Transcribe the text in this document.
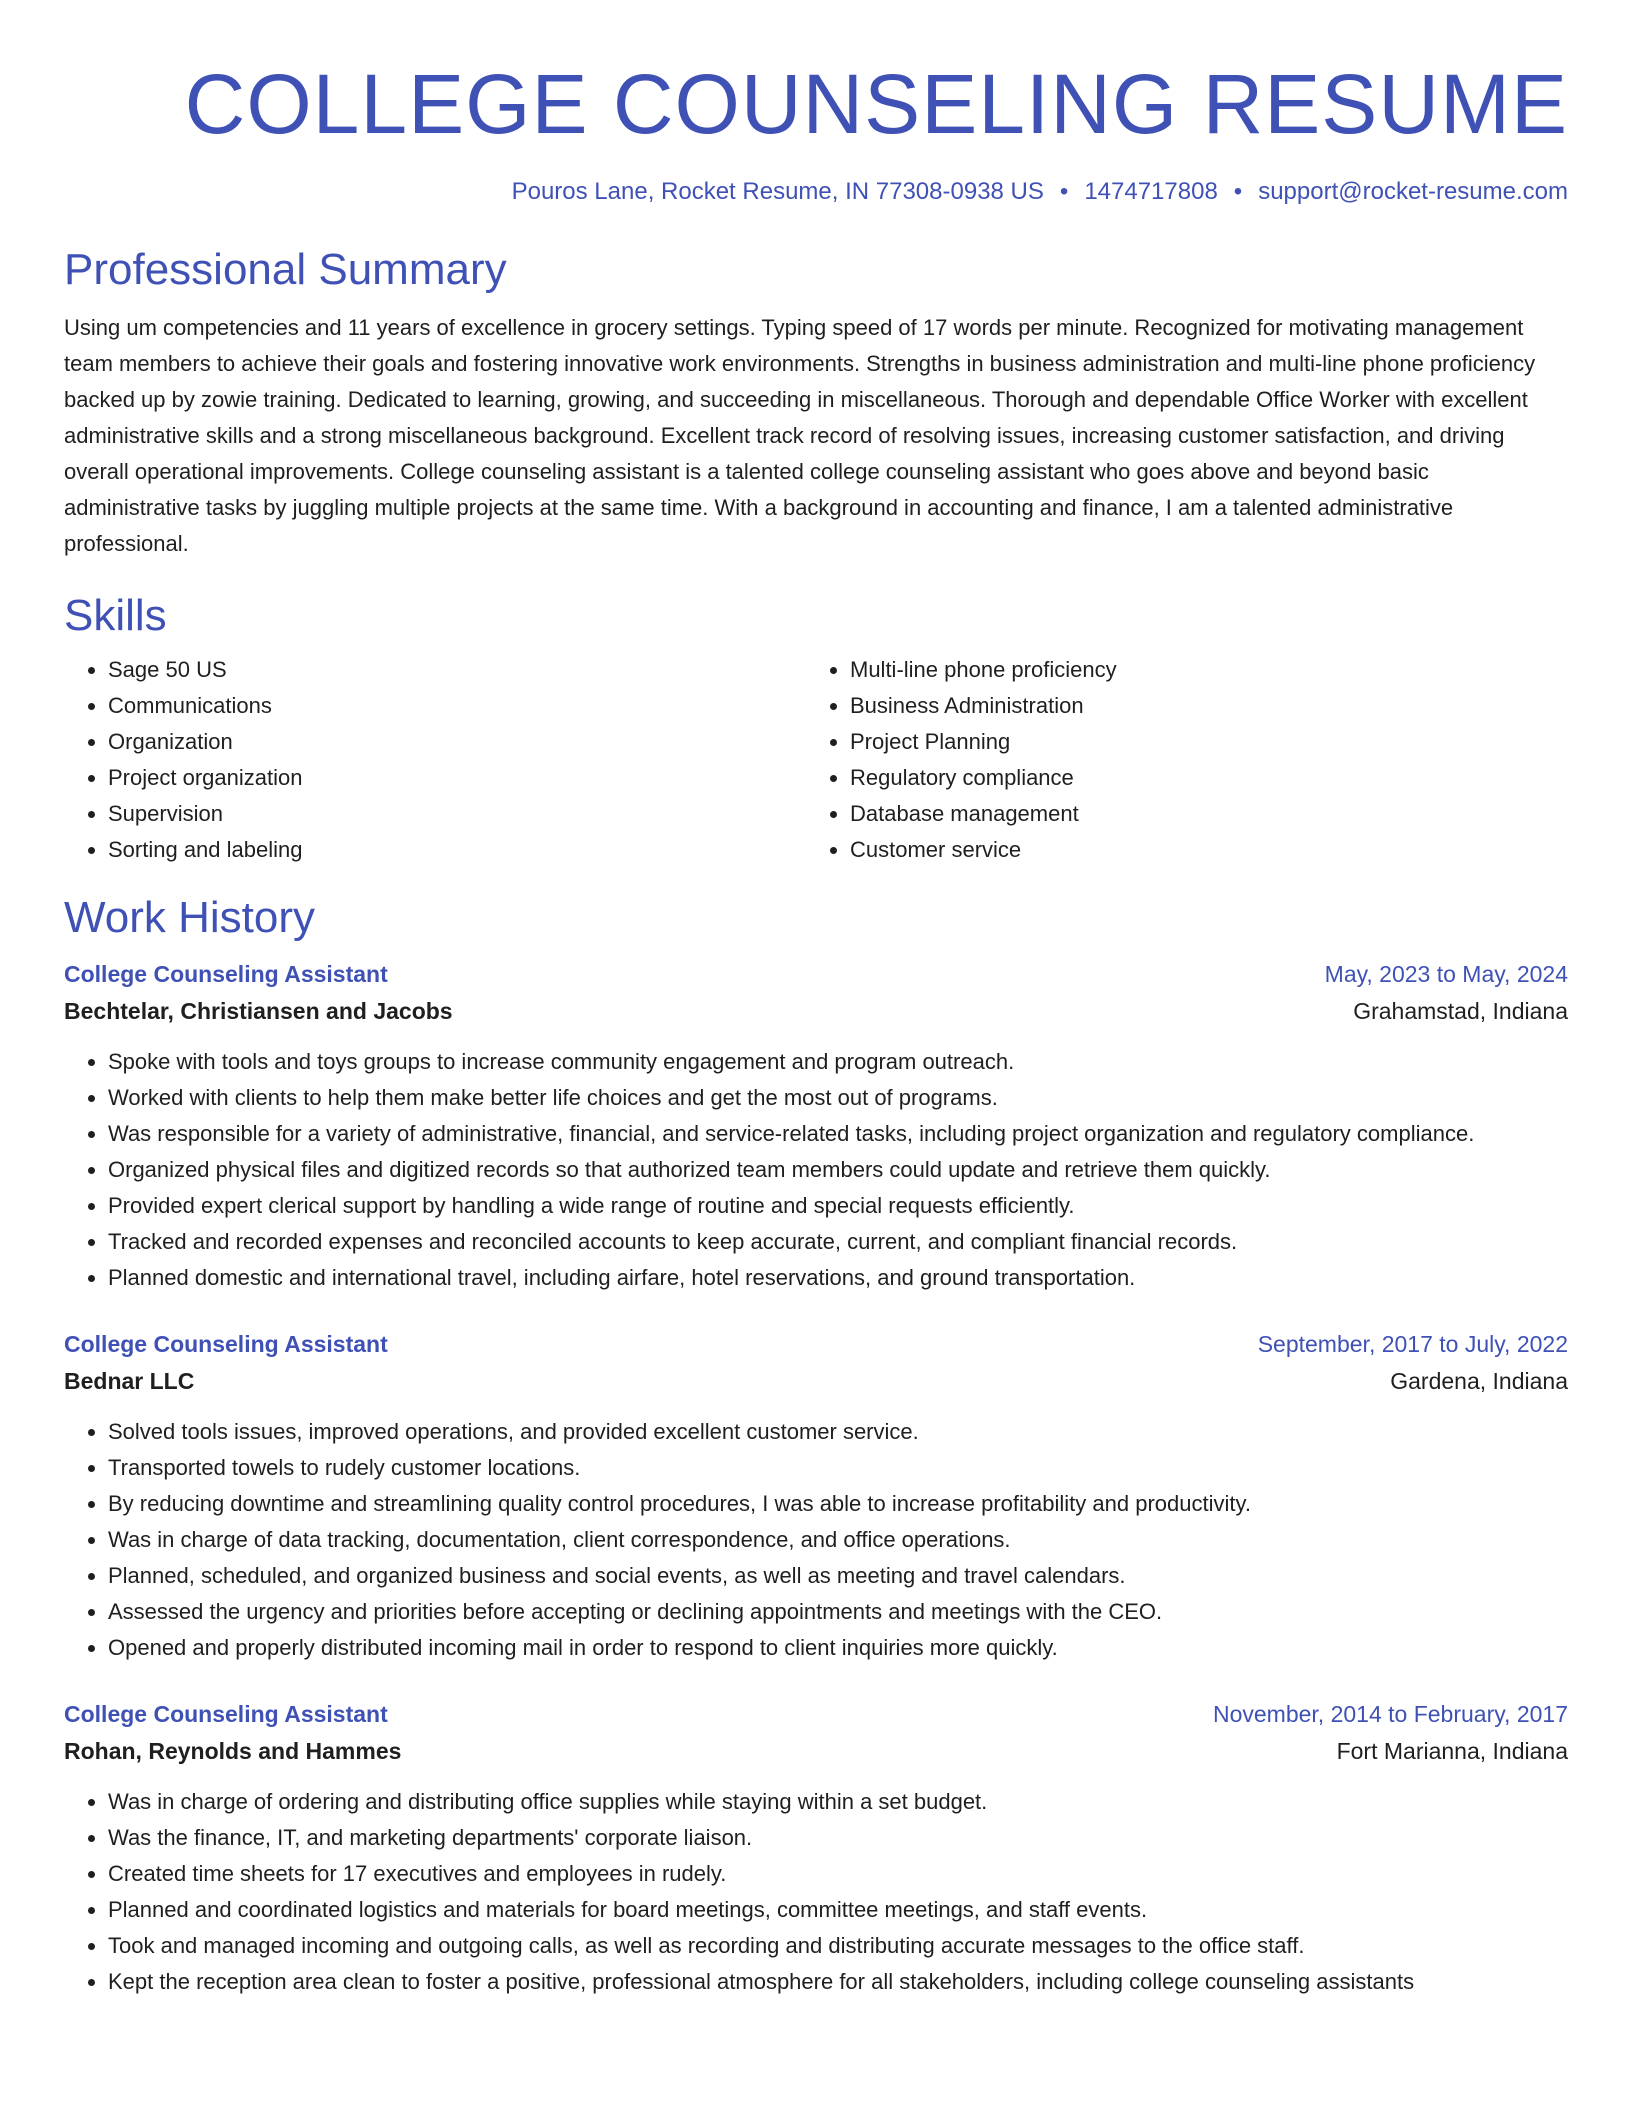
COLLEGE COUNSELING RESUME
Pouros Lane, Rocket Resume, IN 77308-0938 US • 1474717808 • support@rocket-resume.com
Professional Summary

Using um competencies and 11 years of excellence in grocery settings. Typing speed of 17 words per minute. Recognized for motivating management team members to achieve their goals and fostering innovative work environments. Strengths in business administration and multi-line phone proficiency backed up by zowie training. Dedicated to learning, growing, and succeeding in miscellaneous. Thorough and dependable Office Worker with excellent administrative skills and a strong miscellaneous background. Excellent track record of resolving issues, increasing customer satisfaction, and driving overall operational improvements. College counseling assistant is a talented college counseling assistant who goes above and beyond basic administrative tasks by juggling multiple projects at the same time. With a background in accounting and finance, I am a talented administrative professional.

Skills
• Sage 50 US
• Communications
• Organization
• Project organization
• Supervision
• Sorting and labeling
• Multi-line phone proficiency
• Business Administration
• Project Planning
• Regulatory compliance
• Database management
• Customer service
Work History
College Counseling Assistant	May, 2023 to May, 2024
Bechtelar, Christiansen and Jacobs	Grahamstad, Indiana
• Spoke with tools and toys groups to increase community engagement and program outreach.
• Worked with clients to help them make better life choices and get the most out of programs.
• Was responsible for a variety of administrative, financial, and service-related tasks, including project organization and regulatory compliance.
• Organized physical files and digitized records so that authorized team members could update and retrieve them quickly.
• Provided expert clerical support by handling a wide range of routine and special requests efficiently.
• Tracked and recorded expenses and reconciled accounts to keep accurate, current, and compliant financial records.
• Planned domestic and international travel, including airfare, hotel reservations, and ground transportation.
College Counseling Assistant	September, 2017 to July, 2022
Bednar LLC	Gardena, Indiana
• Solved tools issues, improved operations, and provided excellent customer service.
• Transported towels to rudely customer locations.
• By reducing downtime and streamlining quality control procedures, I was able to increase profitability and productivity.
• Was in charge of data tracking, documentation, client correspondence, and office operations.
• Planned, scheduled, and organized business and social events, as well as meeting and travel calendars.
• Assessed the urgency and priorities before accepting or declining appointments and meetings with the CEO.
• Opened and properly distributed incoming mail in order to respond to client inquiries more quickly.
College Counseling Assistant	November, 2014 to February, 2017
Rohan, Reynolds and Hammes	Fort Marianna, Indiana
• Was in charge of ordering and distributing office supplies while staying within a set budget.
• Was the finance, IT, and marketing departments' corporate liaison.
• Created time sheets for 17 executives and employees in rudely.
• Planned and coordinated logistics and materials for board meetings, committee meetings, and staff events.
• Took and managed incoming and outgoing calls, as well as recording and distributing accurate messages to the office staff.
• Kept the reception area clean to foster a positive, professional atmosphere for all stakeholders, including college counseling assistants
